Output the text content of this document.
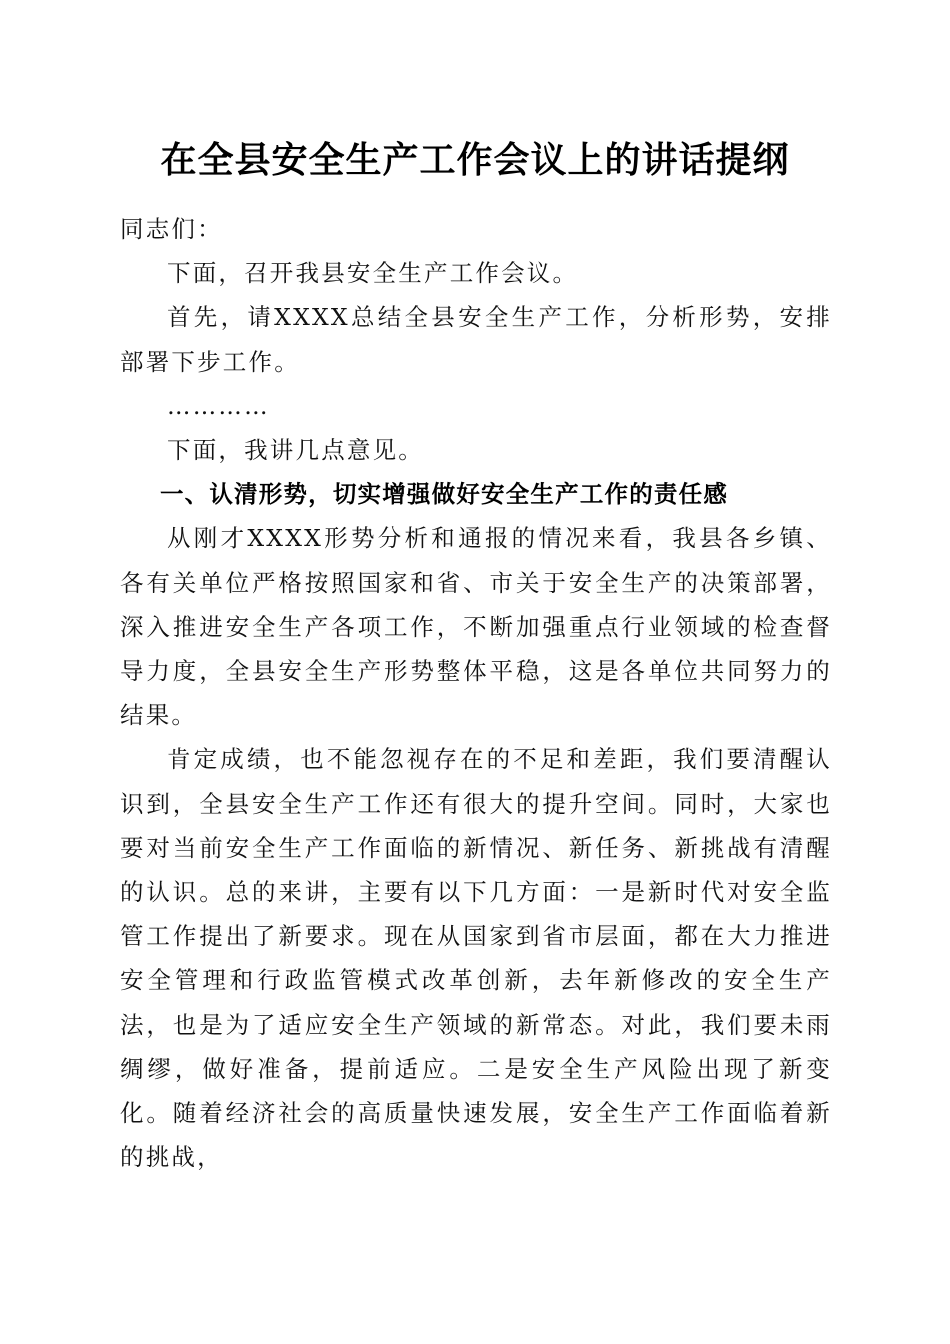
在全县安全生产工作会议上的讲话提纲

同志们：

下面，召开我县安全生产工作会议。

首先，请XXXX总结全县安全生产工作，分析形势，安排部署下步工作。

…………

下面，我讲几点意见。

一、认清形势，切实增强做好安全生产工作的责任感

从刚才XXXX形势分析和通报的情况来看，我县各乡镇、各有关单位严格按照国家和省、市关于安全生产的决策部署，深入推进安全生产各项工作，不断加强重点行业领域的检查督导力度，全县安全生产形势整体平稳，这是各单位共同努力的结果。

肯定成绩，也不能忽视存在的不足和差距，我们要清醒认识到，全县安全生产工作还有很大的提升空间。同时，大家也要对当前安全生产工作面临的新情况、新任务、新挑战有清醒的认识。总的来讲，主要有以下几方面：一是新时代对安全监管工作提出了新要求。现在从国家到省市层面，都在大力推进安全管理和行政监管模式改革创新，去年新修改的安全生产法，也是为了适应安全生产领域的新常态。对此，我们要未雨绸缪，做好准备，提前适应。二是安全生产风险出现了新变化。随着经济社会的高质量快速发展，安全生产工作面临着新的挑战，
